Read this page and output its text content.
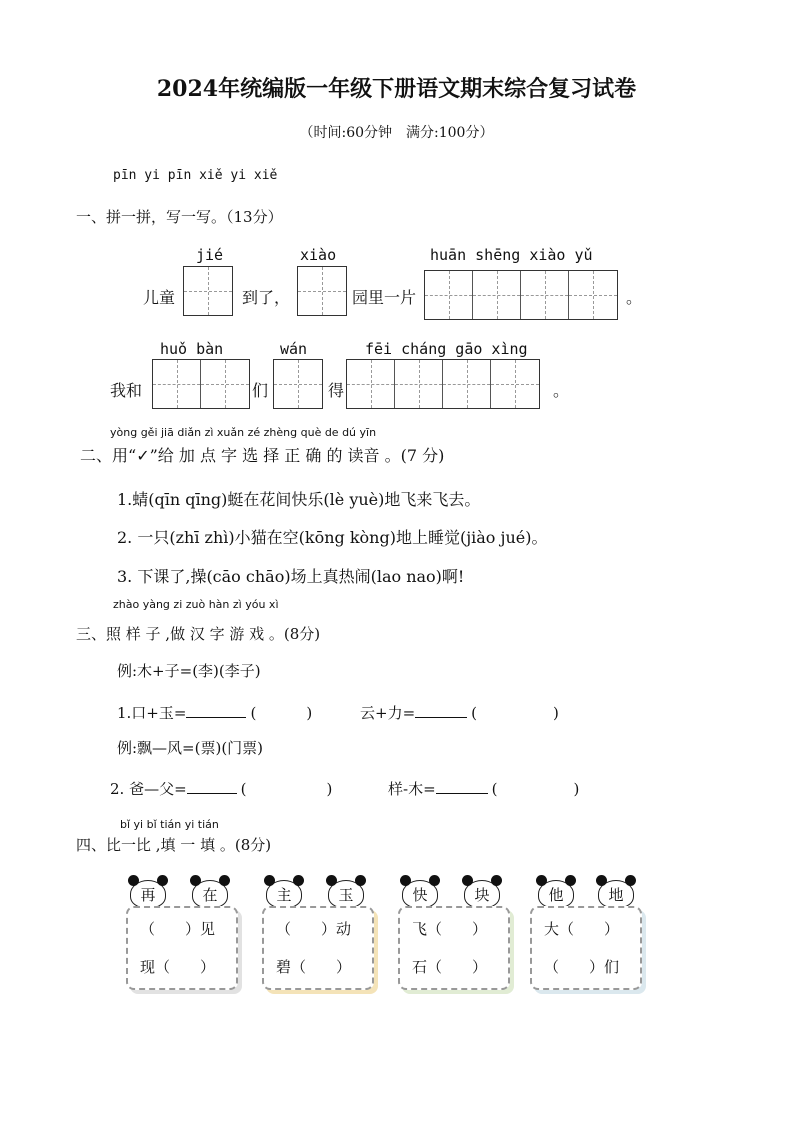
2024年统编版一年级下册语文期末综合复习试卷
（时间:60分钟　满分:100分）
pīn yi pīn xiě yi xiě
一、拼一拼，写一写。（13分）
jié	xiào	huān shēng xiào yǔ
儿童	到了，	园里一片	。
huǒ bàn	wán	fēi cháng gāo xìng
我和	们	得	。
yòng gěi jiā diǎn zì xuǎn zé zhèng què de dú yīn
二、用“✓”给 加 点 字 选 择 正 确 的 读音 。(7 分)
1.蜻(qīn qīng)蜓在花间快乐(lè yuè)地飞来飞去。
2. 一只(zhī zhì)小猫在空(kōng kòng)地上睡觉(jiào jué)。
3. 下课了,操(cāo chāo)场上真热闹(lao nao)啊!
zhào yàng zi zuò hàn zì yóu xì
三、照 样 子 ,做 汉 字 游 戏 。(8分)
例:木+子=(李)(李子)
1.口+玉=	(	)	云+力=	(	)
例:飘—风=(票)(门票)
2. 爸—父=	(	)	样-木=	(	)
bǐ yi bǐ tián yi tián
四、比一比 ,填 一 填 。(8分)
再	在
（　　）见
现（　　）
主	玉
（　　）动
碧（　　）
快	块
飞（　　）
石（　　）
他	地
大（　　）
（　　）们
